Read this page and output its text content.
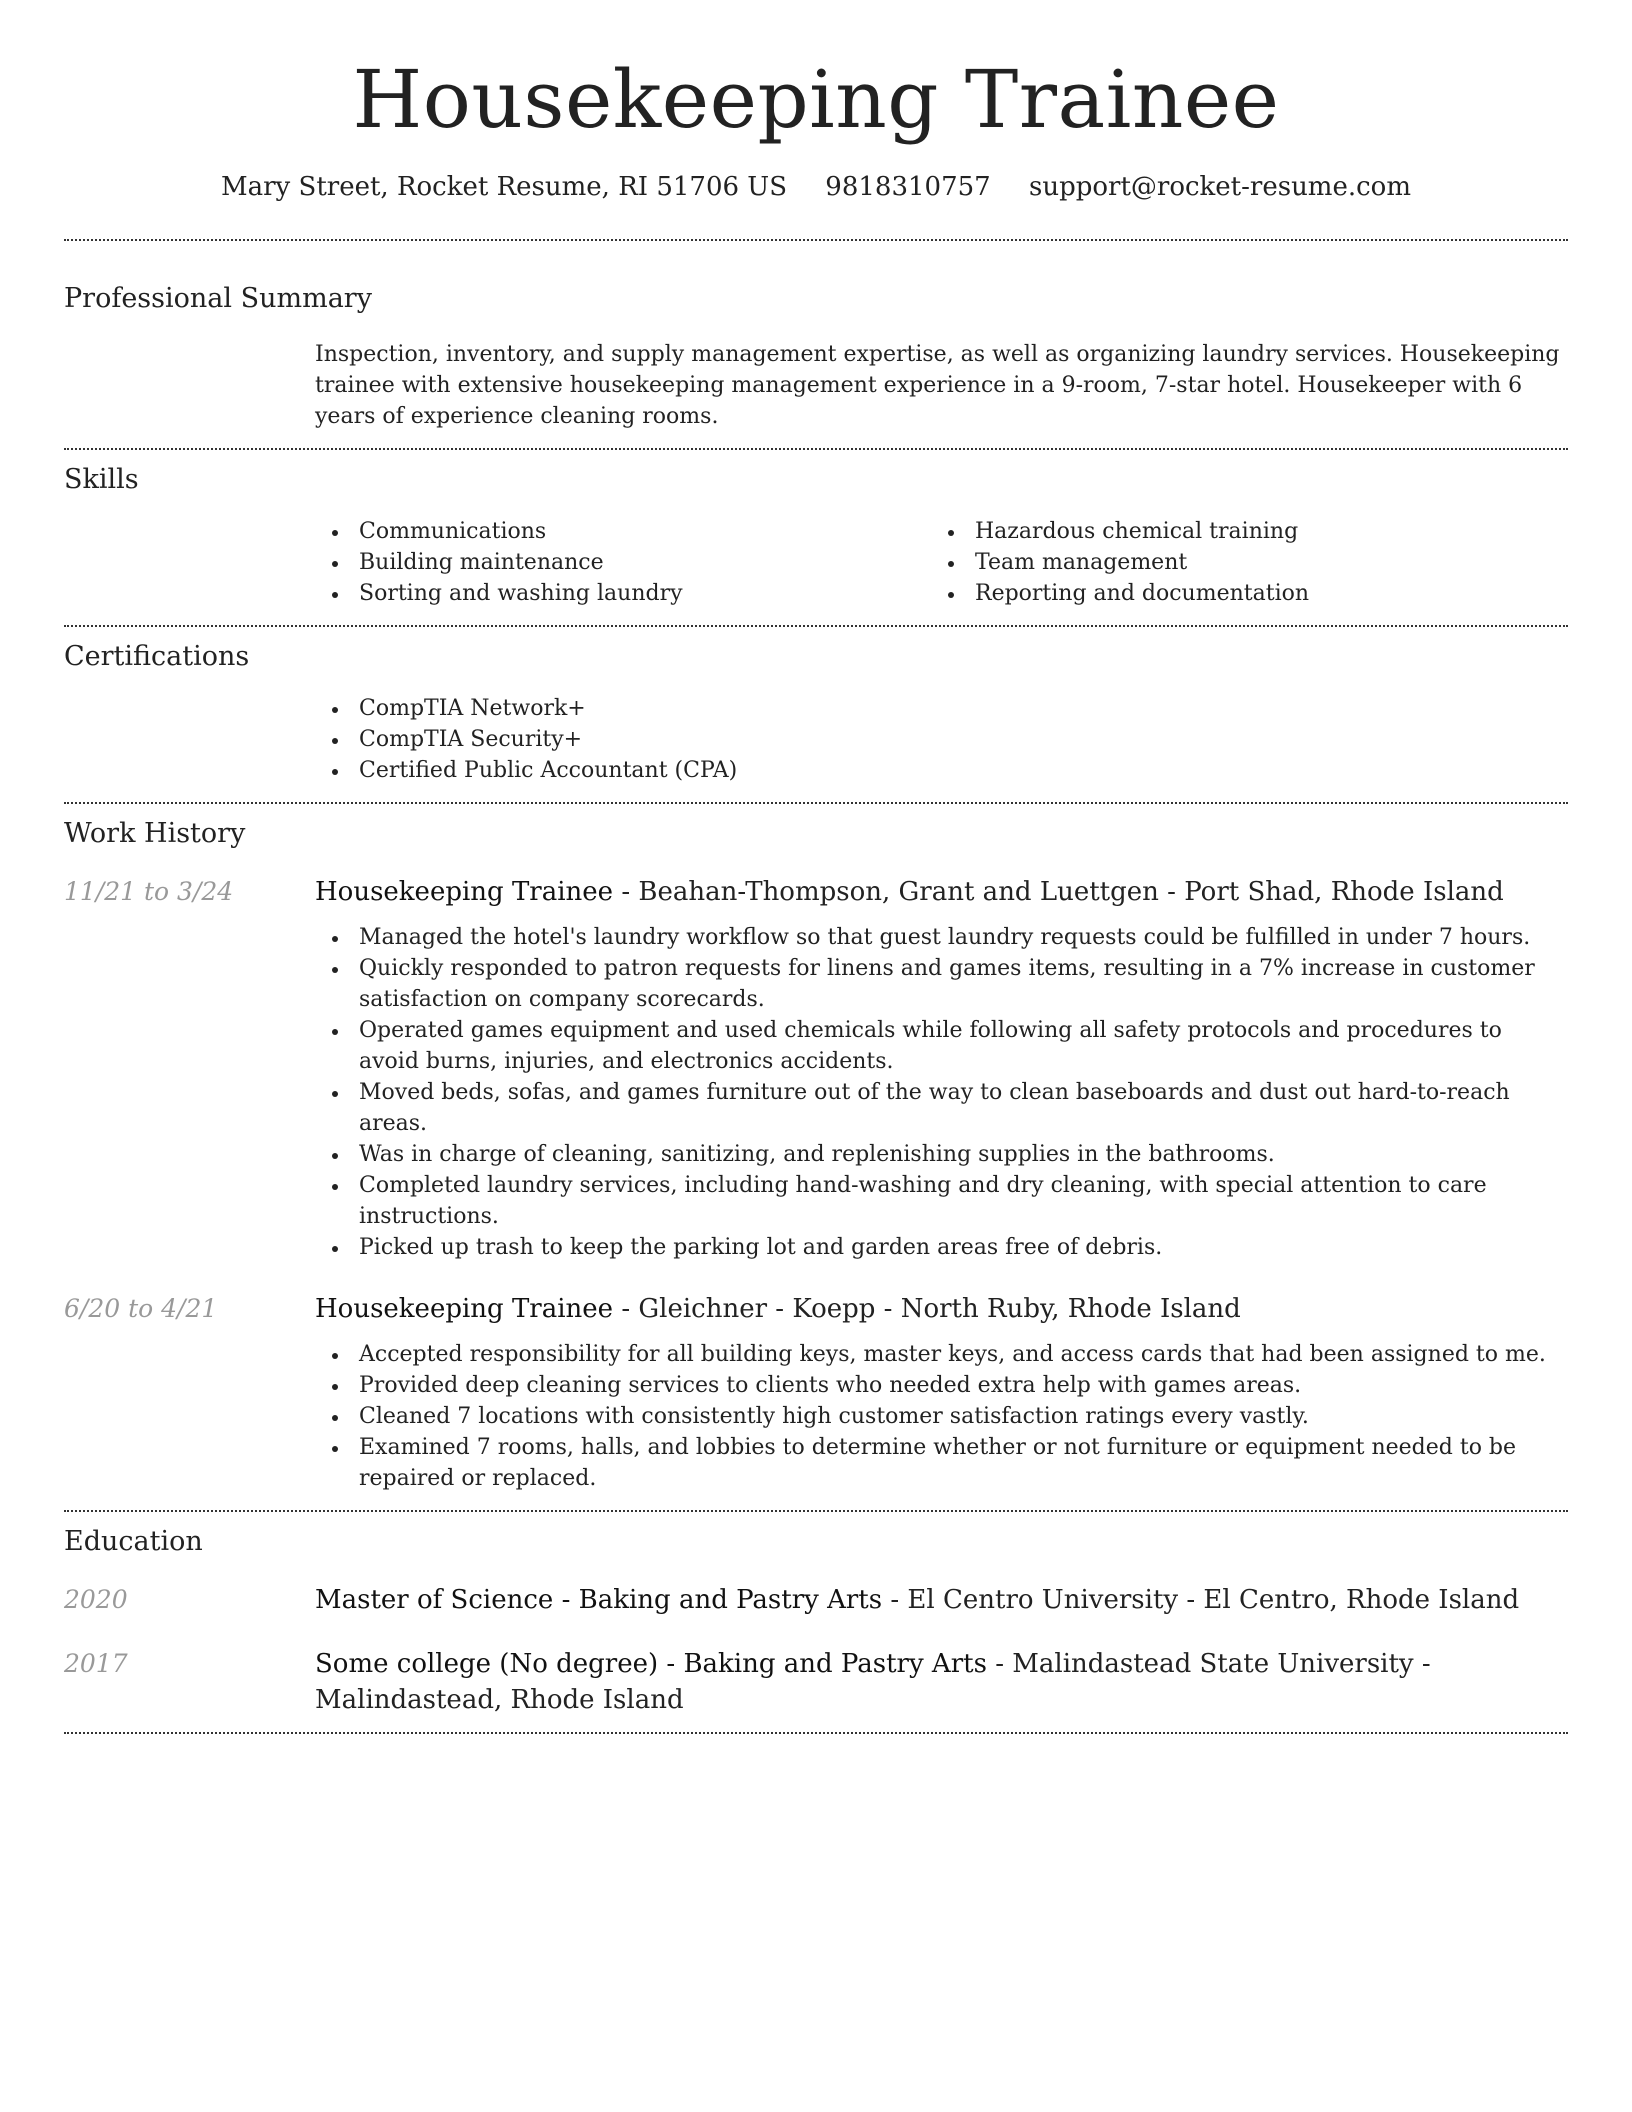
Housekeeping Trainee
Mary Street, Rocket Resume, RI 51706 US 9818310757 support@rocket-resume.com
Professional Summary

Inspection, inventory, and supply management expertise, as well as organizing laundry services. Housekeeping trainee with extensive housekeeping management experience in a 9-room, 7-star hotel. Housekeeper with 6 years of experience cleaning rooms.

Skills
Communications
Building maintenance
Sorting and washing laundry
Hazardous chemical training
Team management
Reporting and documentation
Certifications
CompTIA Network+
CompTIA Security+
Certified Public Accountant (CPA)
Work History
11/21 to 3/24	Housekeeping Trainee - Beahan-Thompson, Grant and Luettgen - Port Shad, Rhode Island
Managed the hotel's laundry workflow so that guest laundry requests could be fulfilled in under 7 hours.
Quickly responded to patron requests for linens and games items, resulting in a 7% increase in customer satisfaction on company scorecards.
Operated games equipment and used chemicals while following all safety protocols and procedures to avoid burns, injuries, and electronics accidents.
Moved beds, sofas, and games furniture out of the way to clean baseboards and dust out hard-to-reach areas.
Was in charge of cleaning, sanitizing, and replenishing supplies in the bathrooms.
Completed laundry services, including hand-washing and dry cleaning, with special attention to care instructions.
Picked up trash to keep the parking lot and garden areas free of debris.
6/20 to 4/21	Housekeeping Trainee - Gleichner - Koepp - North Ruby, Rhode Island
Accepted responsibility for all building keys, master keys, and access cards that had been assigned to me.
Provided deep cleaning services to clients who needed extra help with games areas.
Cleaned 7 locations with consistently high customer satisfaction ratings every vastly.
Examined 7 rooms, halls, and lobbies to determine whether or not furniture or equipment needed to be repaired or replaced.
Education
2020	Master of Science - Baking and Pastry Arts - El Centro University - El Centro, Rhode Island
2017	Some college (No degree) - Baking and Pastry Arts - Malindastead State University - Malindastead, Rhode Island
